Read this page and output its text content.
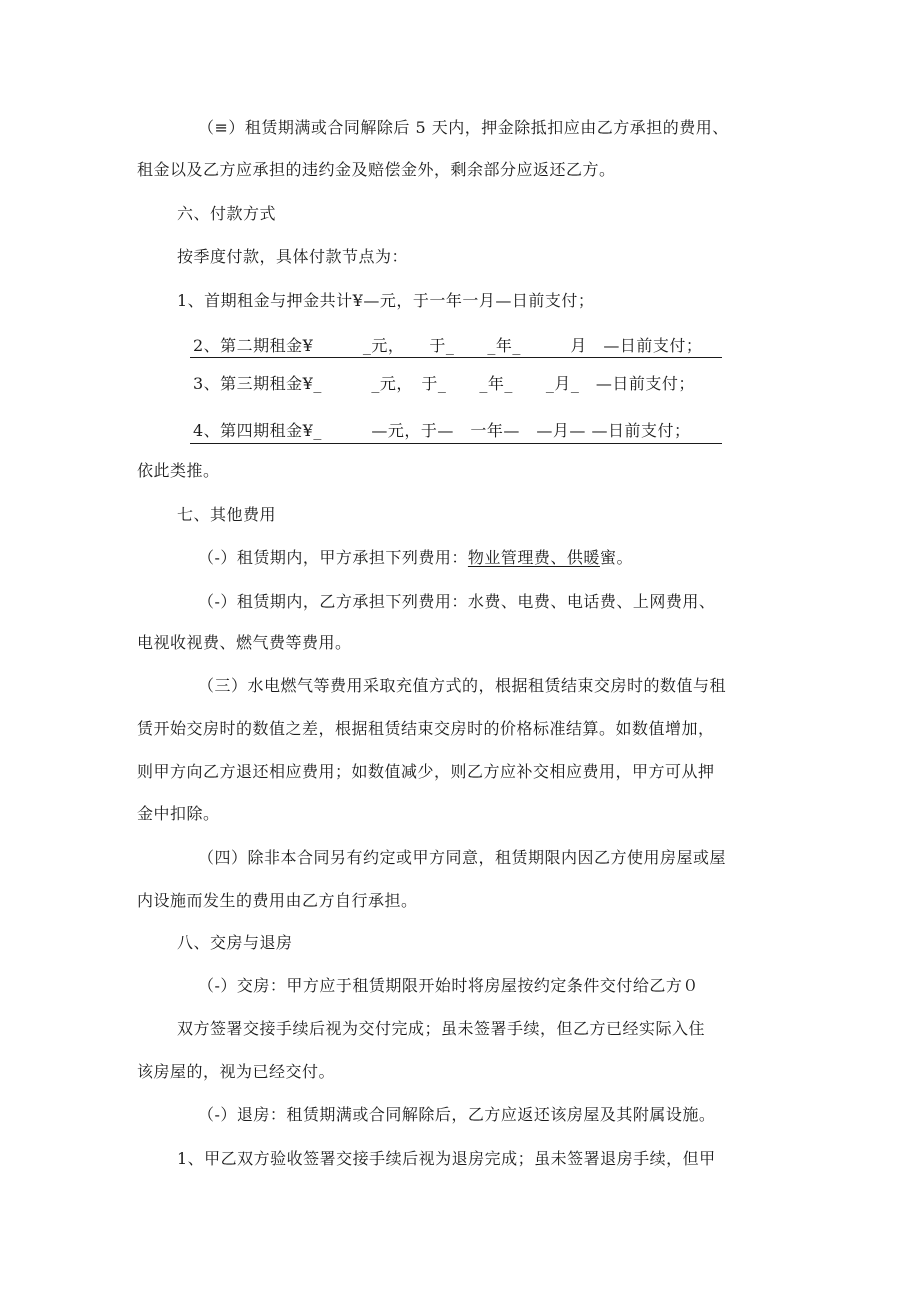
（≡）租赁期满或合同解除后 5 天内，押金除抵扣应由乙方承担的费用、
租金以及乙方应承担的违约金及赔偿金外，剩余部分应返还乙方。
六、付款方式
按季度付款，具体付款节点为：
1、首期租金与押金共计¥—元，于一年一月—日前支付；
2、第二期租金¥　　　_元，　　于_　　_年_　　　月　—日前支付；
3、第三期租金¥_　　　_元，　于_　　_年_　　_月_　—日前支付；
4、第四期租金¥_　　　—元，于—　一年—　—月— —日前支付；
依此类推。
七、其他费用
（-）租赁期内，甲方承担下列费用：物业管理费、供暖蜜。
（-）租赁期内，乙方承担下列费用：水费、电费、电话费、上网费用、
电视收视费、燃气费等费用。
（三）水电燃气等费用采取充值方式的，根据租赁结束交房时的数值与租
赁开始交房时的数值之差，根据租赁结束交房时的价格标准结算。如数值增加，
则甲方向乙方退还相应费用；如数值减少，则乙方应补交相应费用，甲方可从押
金中扣除。
（四）除非本合同另有约定或甲方同意，租赁期限内因乙方使用房屋或屋
内设施而发生的费用由乙方自行承担。
八、交房与退房
（-）交房：甲方应于租赁期限开始时将房屋按约定条件交付给乙方０
双方签署交接手续后视为交付完成；虽未签署手续，但乙方已经实际入住
该房屋的，视为已经交付。
（-）退房：租赁期满或合同解除后，乙方应返还该房屋及其附属设施。
1、甲乙双方验收签署交接手续后视为退房完成；虽未签署退房手续，但甲
